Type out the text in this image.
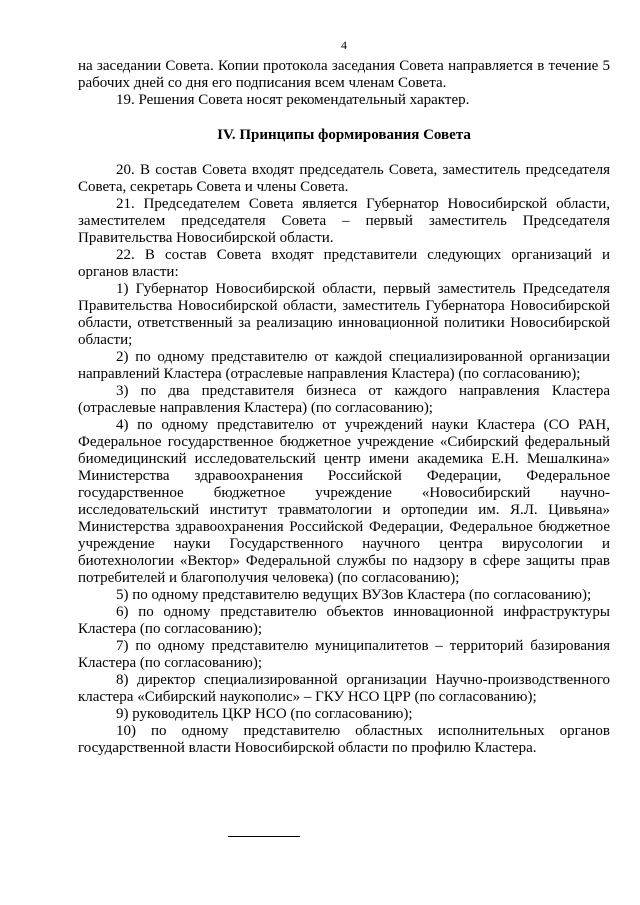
4

на заседании Совета. Копии протокола заседания Совета направляется в течение 5 рабочих дней со дня его подписания всем членам Совета.

19. Решения Совета носят рекомендательный характер.

IV. Принципы формирования Совета

20. В состав Совета входят председатель Совета, заместитель председателя Совета, секретарь Совета и члены Совета.

21. Председателем Совета является Губернатор Новосибирской области, заместителем председателя Совета – первый заместитель Председателя Правительства Новосибирской области.

22. В состав Совета входят представители следующих организаций и органов власти:

1) Губернатор Новосибирской области, первый заместитель Председателя Правительства Новосибирской области, заместитель Губернатора Новосибирской области, ответственный за реализацию инновационной политики Новосибирской области;

2) по одному представителю от каждой специализированной организации направлений Кластера (отраслевые направления Кластера) (по согласованию);

3) по два представителя бизнеса от каждого направления Кластера (отраслевые направления Кластера) (по согласованию);

4) по одному представителю от учреждений науки Кластера (СО РАН, Федеральное государственное бюджетное учреждение «Сибирский федеральный биомедицинский исследовательский центр имени академика Е.Н. Мешалкина» Министерства здравоохранения Российской Федерации, Федеральное государственное бюджетное учреждение «Новосибирский научно-исследовательский институт травматологии и ортопедии им. Я.Л. Цивьяна» Министерства здравоохранения Российской Федерации, Федеральное бюджетное учреждение науки Государственного научного центра вирусологии и биотехнологии «Вектор» Федеральной службы по надзору в сфере защиты прав потребителей и благополучия человека) (по согласованию);

5) по одному представителю ведущих ВУЗов Кластера (по согласованию);

6) по одному представителю объектов инновационной инфраструктуры Кластера (по согласованию);

7) по одному представителю муниципалитетов – территорий базирования Кластера (по согласованию);

8) директор специализированной организации Научно-производственного кластера «Сибирский наукополис» – ГКУ НСО ЦРР (по согласованию);

9) руководитель ЦКР НСО (по согласованию);

10) по одному представителю областных исполнительных органов государственной власти Новосибирской области по профилю Кластера.
